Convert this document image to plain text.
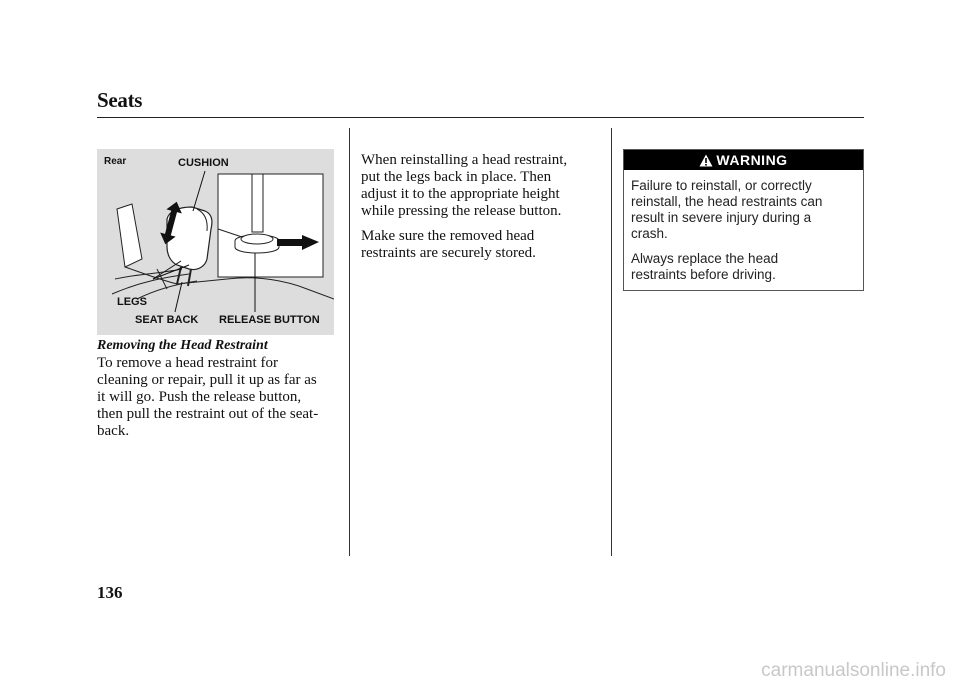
Seats
Rear	CUSHION
LEGS
SEAT BACK RELEASE BUTTON
Removing the Head Restraint

To remove a head restraint for
cleaning or repair, pull it up as far as
it will go. Push the release button,
then pull the restraint out of the seat-
back.

When reinstalling a head restraint,
put the legs back in place. Then
adjust it to the appropriate height
while pressing the release button.

Make sure the removed head
restraints are securely stored.

WARNING

Failure to reinstall, or correctly
reinstall, the head restraints can
result in severe injury during a
crash.

Always replace the head
restraints before driving.

136
carmanualsonline.info
